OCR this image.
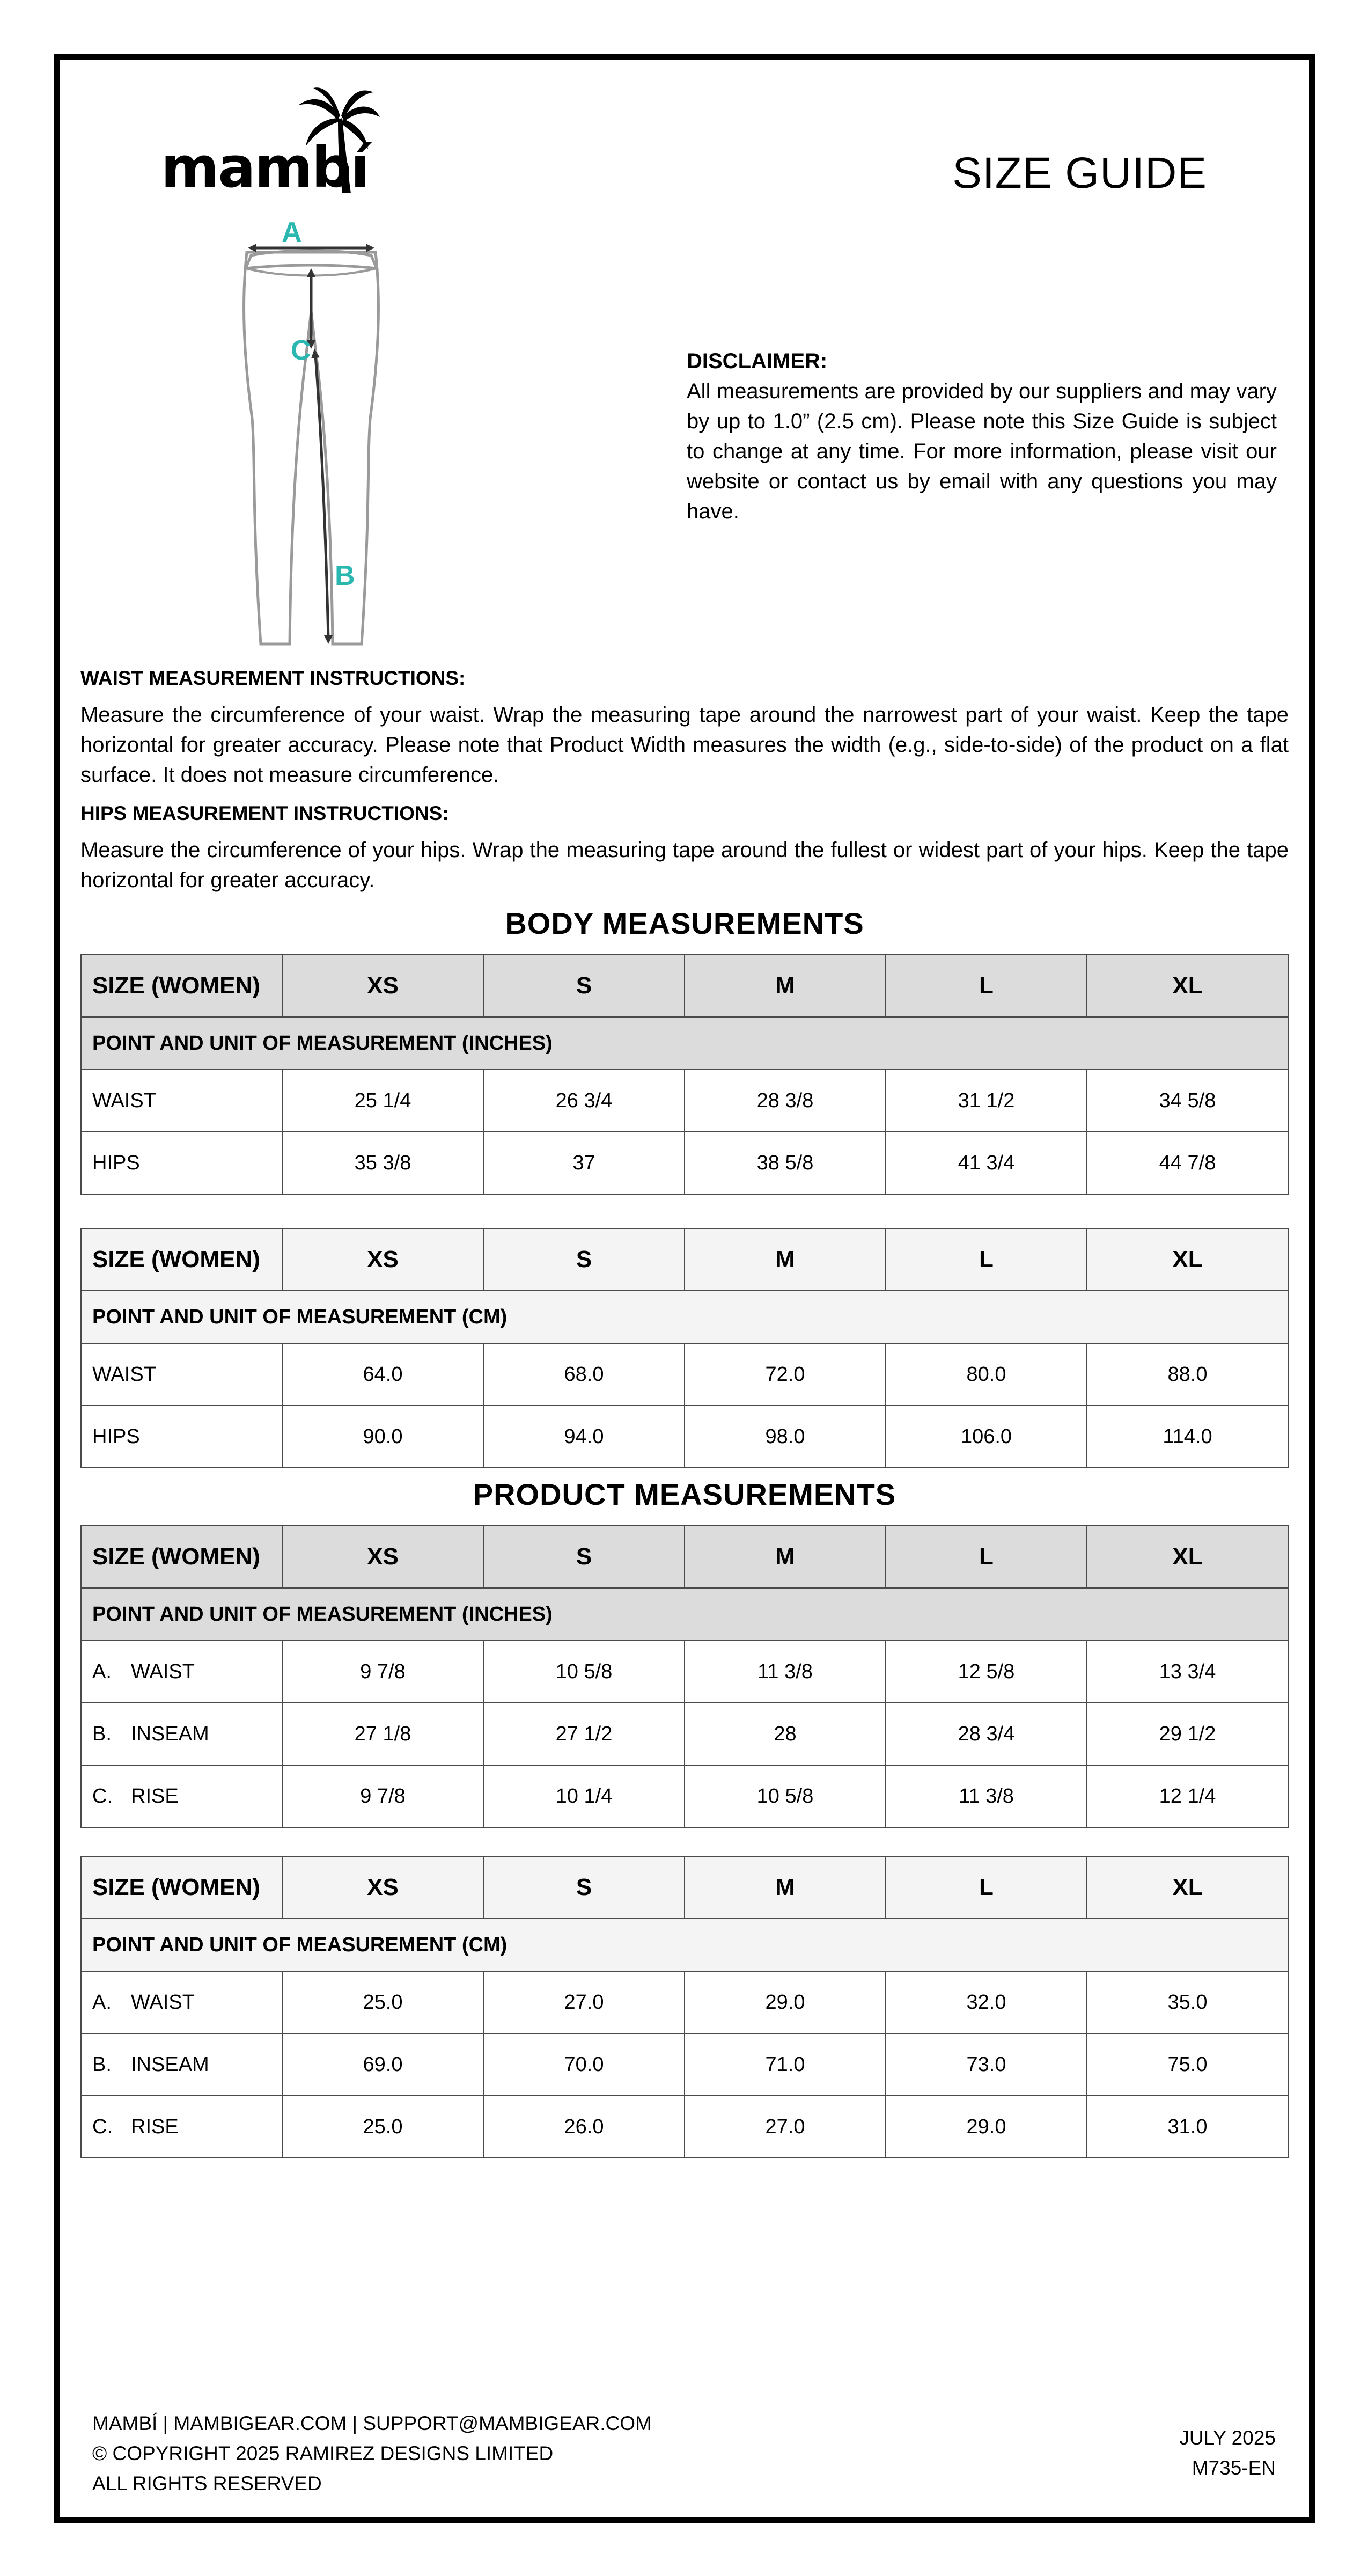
mambí	SIZE GUIDE
A
C
B
DISCLAIMER:
All measurements are provided by our suppliers and may vary by up to 1.0” (2.5 cm). Please note this Size Guide is subject to change at any time. For more information, please visit our website or contact us by email with any questions you may have.
WAIST MEASUREMENT INSTRUCTIONS:
Measure the circumference of your waist. Wrap the measuring tape around the narrowest part of your waist. Keep the tape horizontal for greater accuracy. Please note that Product Width measures the width (e.g., side-to-side) of the product on a flat surface. It does not measure circumference.
HIPS MEASUREMENT INSTRUCTIONS:
Measure the circumference of your hips. Wrap the measuring tape around the fullest or widest part of your hips. Keep the tape horizontal for greater accuracy.
BODY MEASUREMENTS
SIZE (WOMEN)	XS	S	M	L	XL
POINT AND UNIT OF MEASUREMENT (INCHES)					
WAIST	25 1/4	26 3/4	28 3/8	31 1/2	34 5/8
HIPS	35 3/8	37	38 5/8	41 3/4	44 7/8
SIZE (WOMEN)	XS	S	M	L	XL
POINT AND UNIT OF MEASUREMENT (CM)					
WAIST	64.0	68.0	72.0	80.0	88.0
HIPS	90.0	94.0	98.0	106.0	114.0
PRODUCT MEASUREMENTS
SIZE (WOMEN)	XS	S	M	L	XL
POINT AND UNIT OF MEASUREMENT (INCHES)					
A. WAIST	9 7/8	10 5/8	11 3/8	12 5/8	13 3/4
B. INSEAM	27 1/8	27 1/2	28	28 3/4	29 1/2
C. RISE	9 7/8	10 1/4	10 5/8	11 3/8	12 1/4
SIZE (WOMEN)	XS	S	M	L	XL
POINT AND UNIT OF MEASUREMENT (CM)					
A. WAIST	25.0	27.0	29.0	32.0	35.0
B. INSEAM	69.0	70.0	71.0	73.0	75.0
C. RISE	25.0	26.0	27.0	29.0	31.0
MAMBÍ | MAMBIGEAR.COM | SUPPORT@MAMBIGEAR.COM
© COPYRIGHT 2025 RAMIREZ DESIGNS LIMITED
ALL RIGHTS RESERVED
JULY 2025
M735-EN
